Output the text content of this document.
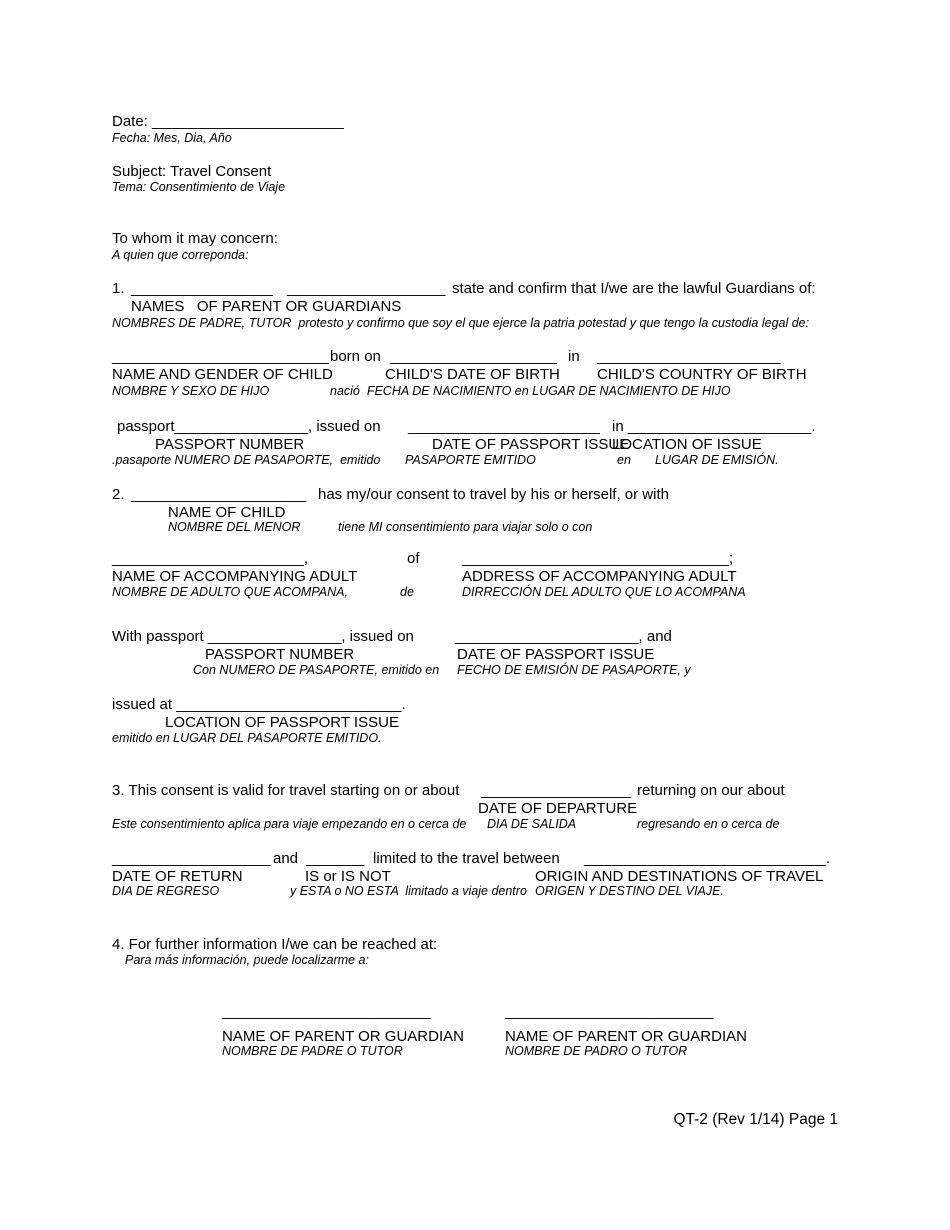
Date: _______________________
Fecha: Mes, Dia, Año
Subject: Travel Consent
Tema: Consentimiento de Viaje
To whom it may concern:
A quien que correponda:
1. _________________ ___________________ state and confirm that I/we are the lawful Guardians of:
NAMES   OF PARENT OR GUARDIANS
NOMBRES DE PADRE, TUTOR  protesto y confirmo que soy el que ejerce la patria potestad y que tengo la custodia legal de:
__________________________ born on ____________________ in ______________________
NAME AND GENDER OF CHILD	CHILD'S DATE OF BIRTH CHILD'S COUNTRY OF BIRTH
NOMBRE Y SEXO DE HIJO	nació  FECHA DE NACIMIENTO en LUGAR DE NACIMIENTO DE HIJO
passport________________, issued on _______________________ in ______________________.
PASSPORT NUMBER	DATE OF PASSPORT ISSUE
LOCATION OF ISSUE
.pasaporte NUMERO DE PASAPORTE,  emitido PASAPORTE EMITIDO	en LUGAR DE EMISIÓN.
2. _____________________ has my/our consent to travel by his or herself, or with
NAME OF CHILD
NOMBRE DEL MENOR	tiene MI consentimiento para viajar solo o con
_______________________,	of	________________________________;
NAME OF ACCOMPANYING ADULT	ADDRESS OF ACCOMPANYING ADULT
NOMBRE DE ADULTO QUE ACOMPANA,	de	DIRRECCIÓN DEL ADULTO QUE LO ACOMPANA
With passport ________________, issued on	______________________, and
PASSPORT NUMBER	DATE OF PASSPORT ISSUE
Con NUMERO DE PASAPORTE, emitido en FECHO DE EMISIÓN DE PASAPORTE, y
issued at ___________________________.
LOCATION OF PASSPORT ISSUE
emitido en LUGAR DEL PASAPORTE EMITIDO.
3. This consent is valid for travel starting on or about __________________ returning on our about
DATE OF DEPARTURE
Este consentimiento aplica para viaje empezando en o cerca de DIA DE SALIDA	regresando en o cerca de
___________________ and _______ limited to the travel between _____________________________.
DATE OF RETURN	IS or IS NOT	ORIGIN AND DESTINATIONS OF TRAVEL
DIA DE REGRESO	y ESTA o NO ESTA  limitado a viaje dentro ORIGEN Y DESTINO DEL VIAJE.
4. For further information I/we can be reached at:
Para más información, puede localizarme a:
_________________________	_________________________
NAME OF PARENT OR GUARDIAN	NAME OF PARENT OR GUARDIAN
NOMBRE DE PADRE O TUTOR	NOMBRE DE PADRO O TUTOR
QT-2 (Rev 1/14) Page 1
